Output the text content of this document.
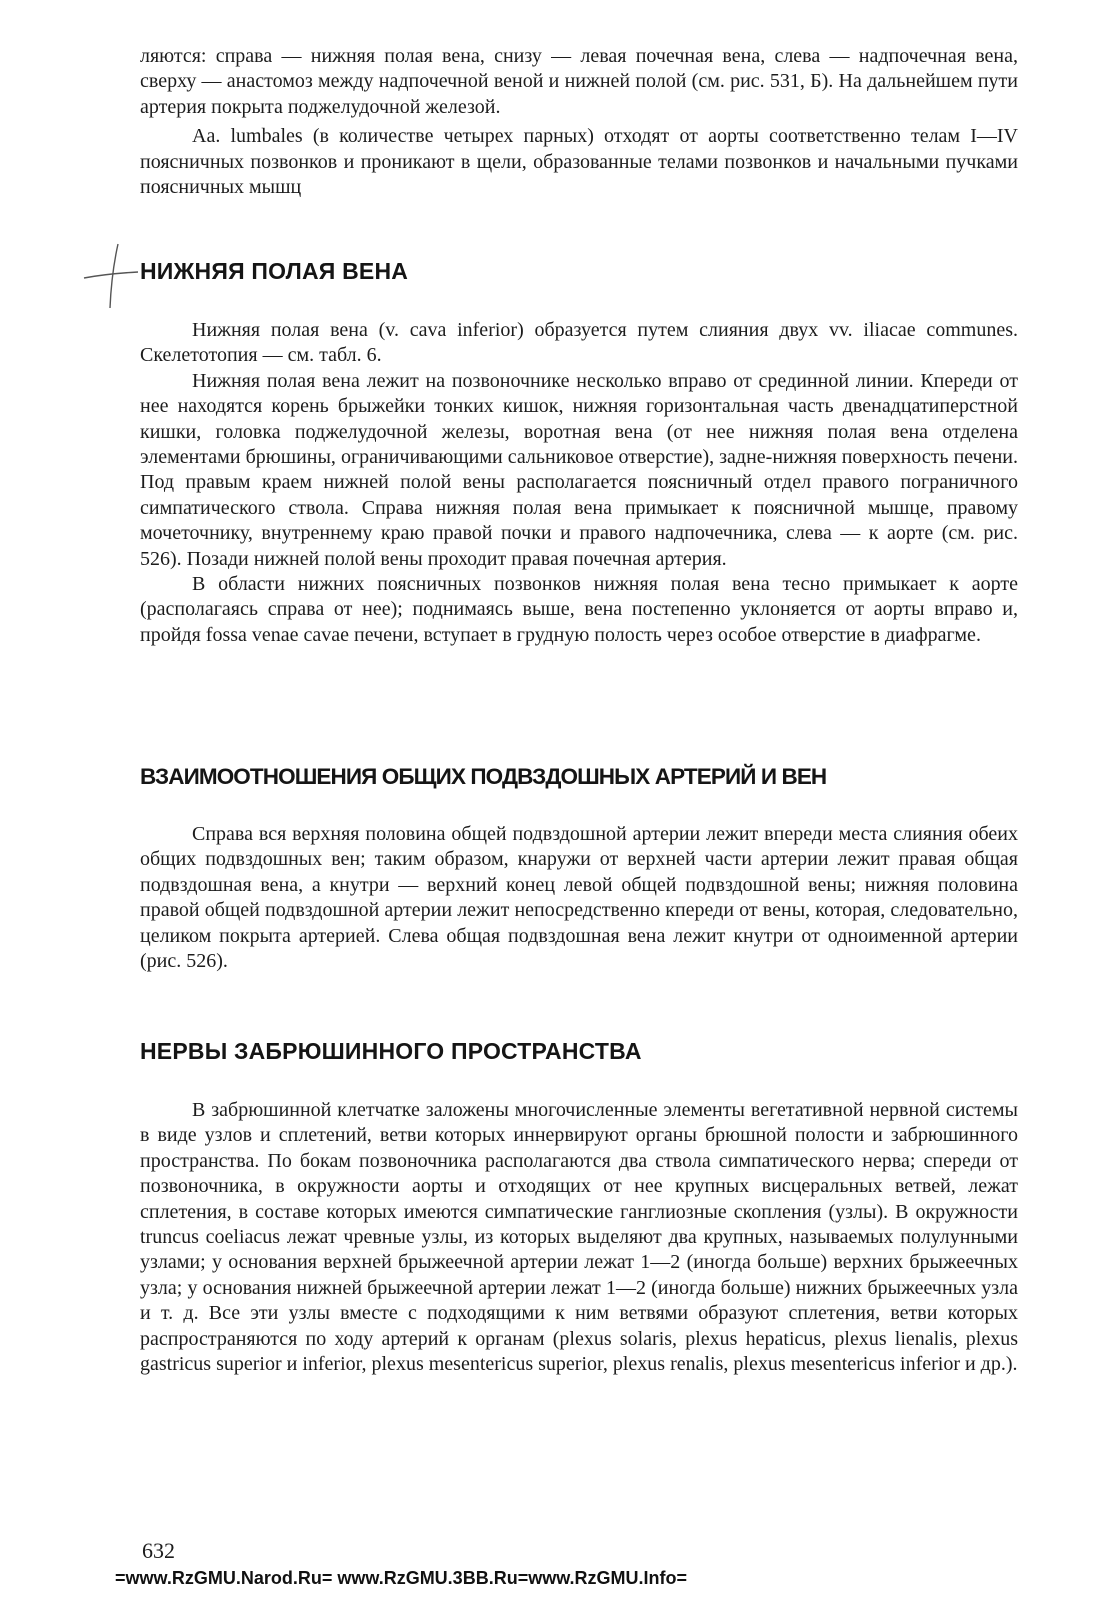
ляются: справа — нижняя полая вена, снизу — левая почечная вена, слева — надпочечная вена, сверху — анастомоз между надпочечной веной и нижней полой (см. рис. 531, Б). На дальнейшем пути артерия покрыта поджелудочной железой.

Aa. lumbales (в количестве четырех парных) отходят от аорты соответственно телам I—IV поясничных позвонков и проникают в щели, образованные телами позвонков и начальными пучками поясничных мышц

НИЖНЯЯ ПОЛАЯ ВЕНА

Нижняя полая вена (v. cava inferior) образуется путем слияния двух vv. iliacae communes. Скелетотопия — см. табл. 6.

Нижняя полая вена лежит на позвоночнике несколько вправо от срединной линии. Кпереди от нее находятся корень брыжейки тонких кишок, нижняя горизонтальная часть двенадцатиперстной кишки, головка поджелудочной железы, воротная вена (от нее нижняя полая вена отделена элементами брюшины, ограничивающими сальниковое отверстие), задне-нижняя поверхность печени. Под правым краем нижней полой вены располагается поясничный отдел правого пограничного симпатического ствола. Справа нижняя полая вена примыкает к поясничной мышце, правому мочеточнику, внутреннему краю правой почки и правого надпочечника, слева — к аорте (см. рис. 526). Позади нижней полой вены проходит правая почечная артерия.

В области нижних поясничных позвонков нижняя полая вена тесно примыкает к аорте (располагаясь справа от нее); поднимаясь выше, вена постепенно уклоняется от аорты вправо и, пройдя fossa venae cavae печени, вступает в грудную полость через особое отверстие в диафрагме.

ВЗАИМООТНОШЕНИЯ ОБЩИХ ПОДВЗДОШНЫХ АРТЕРИЙ И ВЕН

Справа вся верхняя половина общей подвздошной артерии лежит впереди места слияния обеих общих подвздошных вен; таким образом, кнаружи от верхней части артерии лежит правая общая подвздошная вена, а кнутри — верхний конец левой общей подвздошной вены; нижняя половина правой общей подвздошной артерии лежит непосредственно кпереди от вены, которая, следовательно, целиком покрыта артерией. Слева общая подвздошная вена лежит кнутри от одноименной артерии (рис. 526).

НЕРВЫ ЗАБРЮШИННОГО ПРОСТРАНСТВА

В забрюшинной клетчатке заложены многочисленные элементы вегетативной нервной системы в виде узлов и сплетений, ветви которых иннервируют органы брюшной полости и забрюшинного пространства. По бокам позвоночника располагаются два ствола симпатического нерва; спереди от позвоночника, в окружности аорты и отходящих от нее крупных висцеральных ветвей, лежат сплетения, в составе которых имеются симпатические ганглиозные скопления (узлы). В окружности truncus coeliacus лежат чревные узлы, из которых выделяют два крупных, называемых полулунными узлами; у основания верхней брыжеечной артерии лежат 1—2 (иногда больше) верхних брыжеечных узла; у основания нижней брыжеечной артерии лежат 1—2 (иногда больше) нижних брыжеечных узла и т. д. Все эти узлы вместе с подходящими к ним ветвями образуют сплетения, ветви которых распространяются по ходу артерий к органам (plexus solaris, plexus hepaticus, plexus lienalis, plexus gastricus superior и inferior, plexus mesentericus superior, plexus renalis, plexus mesentericus inferior и др.).

632
=www.RzGMU.Narod.Ru= www.RzGMU.3BB.Ru=www.RzGMU.Info=
